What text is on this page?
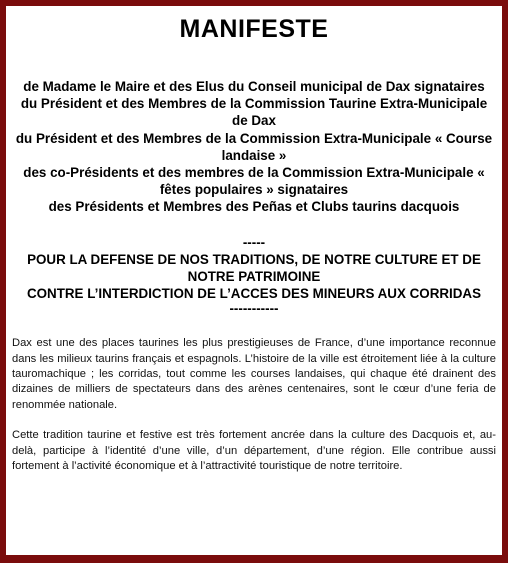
MANIFESTE
de Madame le Maire et des Elus du Conseil municipal de Dax signataires
du Président et des Membres de la Commission Taurine Extra-Municipale de Dax
du Président et des Membres de la Commission Extra-Municipale « Course landaise »
des co-Présidents et des membres de la Commission Extra-Municipale « fêtes populaires » signataires
des Présidents et Membres des Peñas et Clubs taurins dacquois
-----
POUR LA DEFENSE DE NOS TRADITIONS, DE NOTRE CULTURE ET DE NOTRE PATRIMOINE
CONTRE L’INTERDICTION DE L’ACCES DES MINEURS AUX CORRIDAS
-----------

Dax est une des places taurines les plus prestigieuses de France, d’une importance reconnue dans les milieux taurins français et espagnols. L’histoire de la ville est étroitement liée à la culture tauromachique ; les corridas, tout comme les courses landaises, qui chaque été drainent des dizaines de milliers de spectateurs dans des arènes centenaires, sont le cœur d’une feria de renommée nationale.

Cette tradition taurine et festive est très fortement ancrée dans la culture des Dacquois et, au-delà, participe à l’identité d’une ville, d’un département, d’une région. Elle contribue aussi fortement à l’activité économique et à l’attractivité touristique de notre territoire.
